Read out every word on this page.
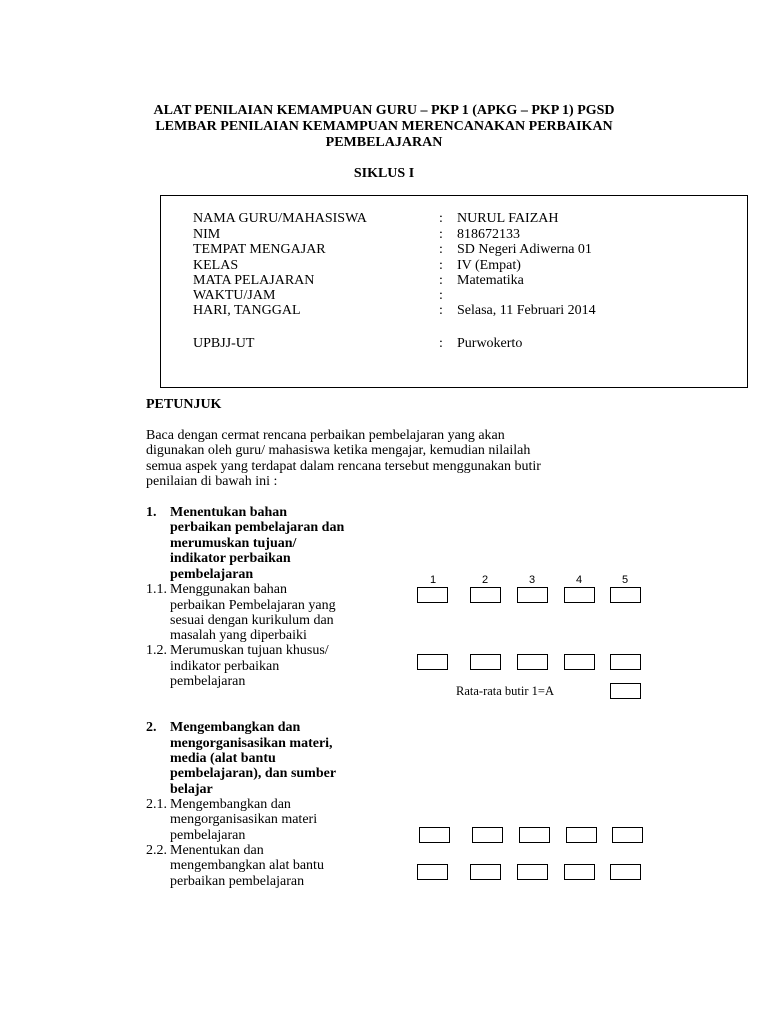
ALAT PENILAIAN KEMAMPUAN GURU – PKP 1 (APKG – PKP 1) PGSD
LEMBAR PENILAIAN KEMAMPUAN MERENCANAKAN PERBAIKAN
PEMBELAJARAN
SIKLUS I
NAMA GURU/MAHASISWA	: NURUL FAIZAH
NIM	: 818672133
TEMPAT MENGAJAR	: SD Negeri Adiwerna 01
KELAS	: IV (Empat)
MATA PELAJARAN	: Matematika
WAKTU/JAM	:
HARI, TANGGAL	: Selasa, 11 Februari 2014
UPBJJ-UT	: Purwokerto
PETUNJUK
Baca dengan cermat rencana perbaikan pembelajaran yang akan
digunakan oleh guru/ mahasiswa ketika mengajar, kemudian nilailah
semua aspek yang terdapat dalam rencana tersebut menggunakan butir
penilaian di bawah ini :
1. Menentukan bahan
perbaikan pembelajaran dan
merumuskan tujuan/
indikator perbaikan
pembelajaran	1	2	3	4	5
1.1. Menggunakan bahan
perbaikan Pembelajaran yang
sesuai dengan kurikulum dan
masalah yang diperbaiki
1.2. Merumuskan tujuan khusus/
indikator perbaikan
pembelajaran
Rata-rata butir 1=A
2. Mengembangkan dan
mengorganisasikan materi,
media (alat bantu
pembelajaran), dan sumber
belajar
2.1. Mengembangkan dan
mengorganisasikan materi
pembelajaran
2.2. Menentukan dan
mengembangkan alat bantu
perbaikan pembelajaran
